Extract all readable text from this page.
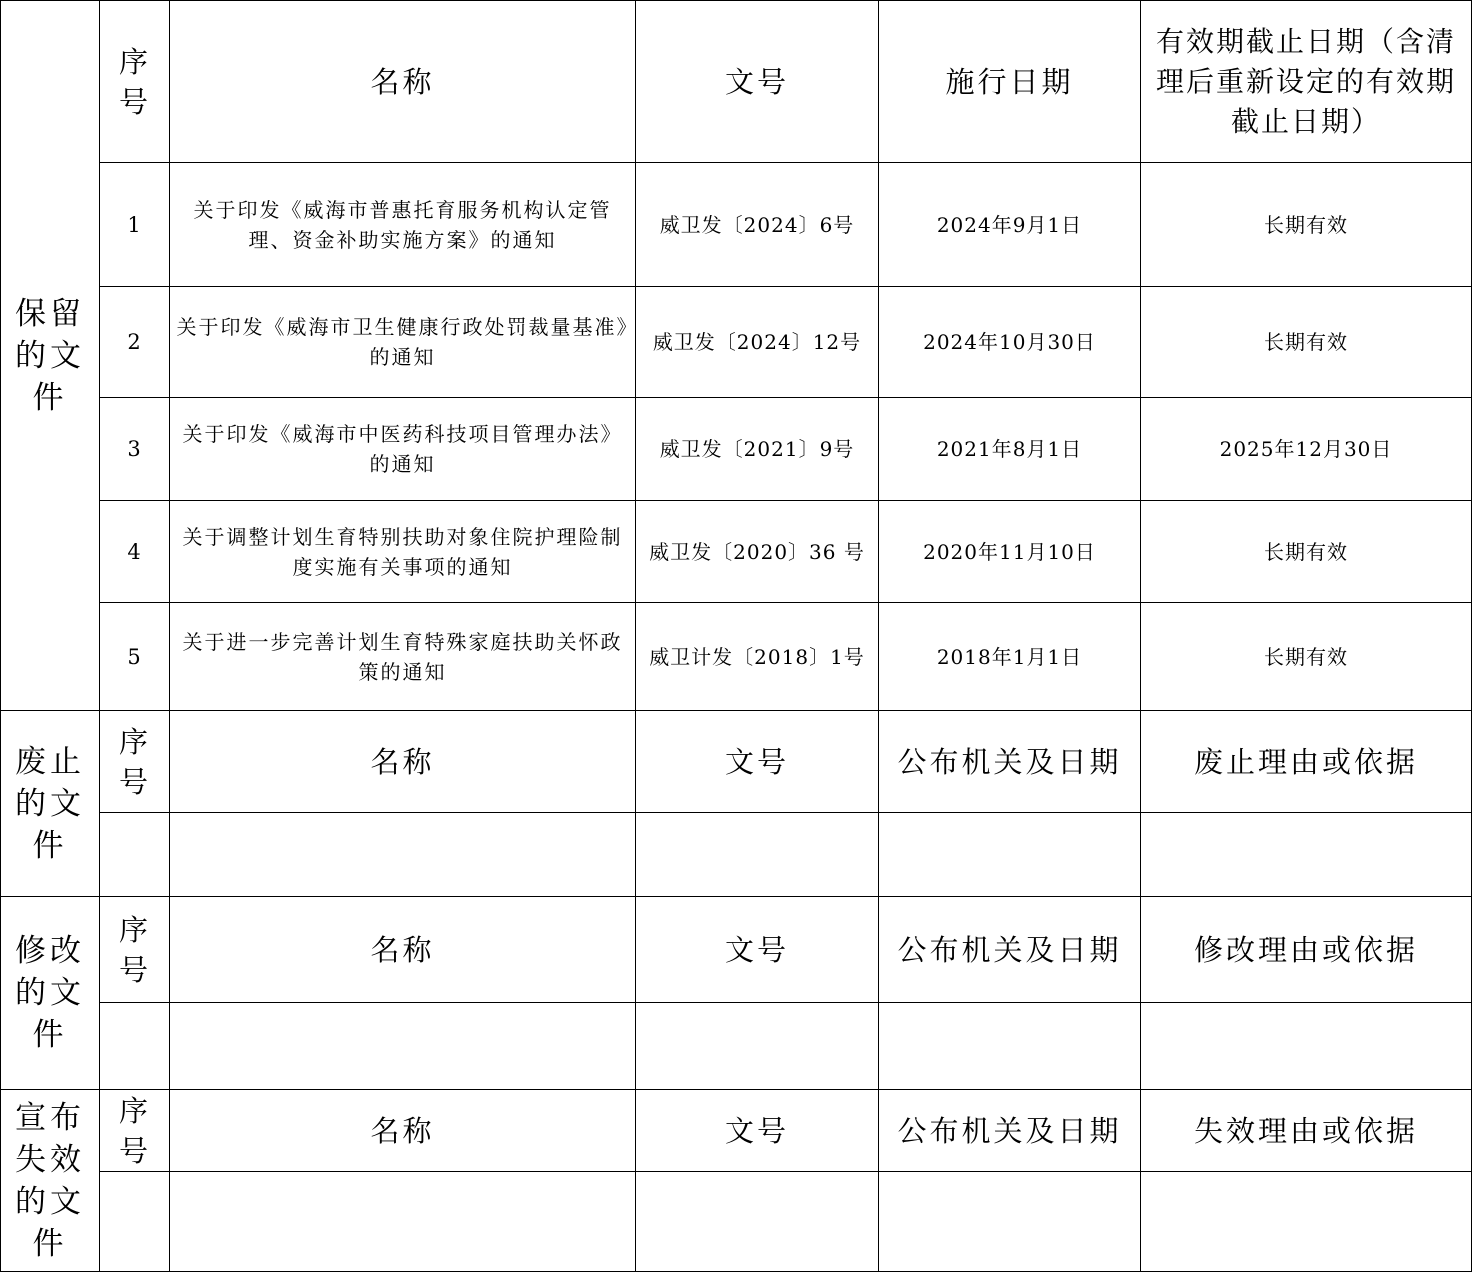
保留的文件	序号	名称	文号	施行日期	有效期截止日期（含清理后重新设定的有效期截止日期）
	1	关于印发《威海市普惠托育服务机构认定管理、资金补助实施方案》的通知	威卫发〔2024〕6号	2024年9月1日	长期有效
	2	关于印发《威海市卫生健康行政处罚裁量基准》的通知	威卫发〔2024〕12号	2024年10月30日	长期有效
	3	关于印发《威海市中医药科技项目管理办法》的通知	威卫发〔2021〕9号	2021年8月1日	2025年12月30日
	4	关于调整计划生育特别扶助对象住院护理险制度实施有关事项的通知	威卫发〔2020〕36 号	2020年11月10日	长期有效
	5	关于进一步完善计划生育特殊家庭扶助关怀政策的通知	威卫计发〔2018〕1号	2018年1月1日	长期有效
废止的文件	序号	名称	文号	公布机关及日期	废止理由或依据

修改的文件	序号	名称	文号	公布机关及日期	修改理由或依据

宣布失效的文件	序号	名称	文号	公布机关及日期	失效理由或依据
